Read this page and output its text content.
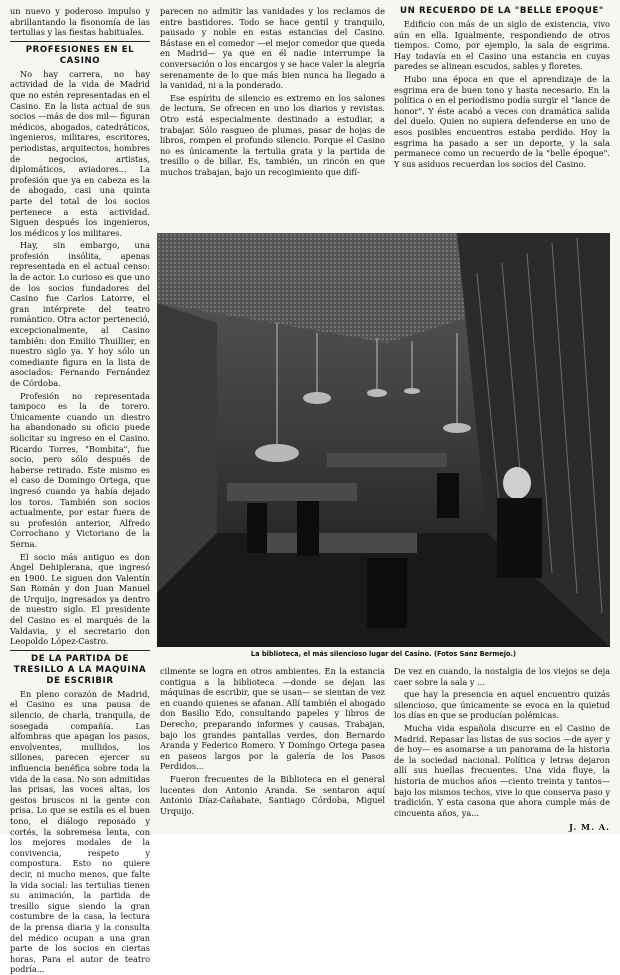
un nuevo y poderoso impulso y abrillantando la fisonomía de las tertulias y las fiestas habituales.

PROFESIONES EN EL CASINO

No hay carrera, no hay actividad de la vida de Madrid que no estén representadas en el Casino. En la lista actual de sus socios —más de dos mil— figuran médicos, abogados, catedráticos, ingenieros, militares, escritores, periodistas, arquitectos, hombres de negocios, artistas, diplomáticos, aviadores... La profesión que ya en cabeza es la de abogado, casi una quinta parte del total de los socios pertenece a esta actividad. Siguen después los ingenieros, los médicos y los militares.

Hay, sin embargo, una profesión insólita, apenas representada en el actual censo: la de actor. Lo curioso es que uno de los socios fundadores del Casino fue Carlos Latorre, el gran intérprete del teatro romántico. Otra actor perteneció, excepcionalmente, al Casino también: don Emilio Thuillier, en nuestro siglo ya. Y hoy sólo un comediante figura en la lista de asociados: Fernando Fernández de Córdoba.

Profesión no representada tampoco es la de torero. Únicamente cuando un diestro ha abandonado su oficio puede solicitar su ingreso en el Casino. Ricardo Torres, "Bombita", fue socio, pero sólo después de haberse retirado. Este mismo es el caso de Domingo Ortega, que ingresó cuando ya había dejado los toros. También son socios actualmente, por estar fuera de su profesión anterior, Alfredo Corrochano y Victoriano de la Serna.

El socio más antiguo es don Ángel Dehiplerana, que ingresó en 1900. Le siguen don Valentín San Román y don Juan Manuel de Urquijo, ingresados ya dentro de nuestro siglo. El presidente del Casino es el marqués de la Valdavia, y el secretario don Leopoldo López-Castro.

DE LA PARTIDA DE TRESILLO A LA MAQUINA DE ESCRIBIR

En pleno corazón de Madrid, el Casino es una pausa de silencio, de charla, tranquila, de sosegada compañía. Las alfombras que apagan los pasos, envolventes, mullidos, los sillones, parecen ejercer su influencia benéfica sobre toda la vida de la casa. No son admitidas las prisas, las voces altas, los gestos bruscos ni la gente con prisa. Lo que se estila es el buen tono, el diálogo reposado y cortés, la sobremesa lenta, con los mejores modales de la convivencia, respeto y compostura. Esto no quiere decir, ni mucho menos, que falte la vida social: las tertulias tienen su animación, la partida de tresillo sigue siendo la gran costumbre de la casa, la lectura de la prensa diaria y la consulta del médico ocupan a una gran parte de los socios en ciertas horas. Para el autor de teatro podría...

parecen no admitir las vanidades y los reclamos de entre bastidores. Todo se hace gentil y tranquilo, pausado y noble en estas estancias del Casino. Bástase en el comedor —el mejor comedor que queda en Madrid— ya que en él nadie interrumpe la conversación o los encargos y se hace valer la alegría serenamente de lo que más bien nunca ha llegado a la vanidad, ni a la ponderado.

Ese espíritu de silencio es extremo en los salones de lectura. Se ofrecen en uno los diarios y revistas. Otro está especialmente destinado a estudiar, a trabajar. Sólo rasgueo de plumas, pasar de hojas de libros, rompen el profundo silencio. Porque el Casino no es únicamente la tertulia grata y la partida de tresillo o de billar. Es, también, un rincón en que muchos trabajan, bajo un recogimiento que difí-

UN RECUERDO DE LA "BELLE EPOQUE"

Edificio con más de un siglo de existencia, vivo aún en ella. Igualmente, respondiendo de otros tiempos. Como, por ejemplo, la sala de esgrima. Hay todavía en el Casino una estancia en cuyas paredes se alinean escudos, sables y floretes.

Hubo una época en que el aprendizaje de la esgrima era de buen tono y hasta necesario. En la política o en el periodismo podía surgir el "lance de honor". Y éste acabó a veces con dramática salida del duelo. Quien no supiera defenderse en uno de esos posibles encuentros estaba perdido. Hoy la esgrima ha pasado a ser un deporte, y la sala permanece como un recuerdo de la "belle époque". Y sus asiduos recuerdan los socios del Casino.

La biblioteca, el más silencioso lugar del Casino. (Fotos Sanz Bermejo.)

cilmente se logra en otros ambientes. En la estancia contigua a la biblioteca —donde se dejan las máquinas de escribir, que se usan— se sientan de vez en cuando quienes se afanan. Allí también el abogado don Basilio Edo, consultando papeles y libros de Derecho, preparando informes y causas. Trabajan, bajo los grandes pantallas verdes, don Bernardo Aranda y Federico Romero. Y Domingo Ortega pasea en paseos largos por la galería de los Pasos Perdidos...

Fueron frecuentes de la Biblioteca en el general lucentes don Antonio Aranda. Se sentaron aquí Antonio Díaz-Cañabate, Santiago Córdoba, Miguel Urquijo.

De vez en cuando, la nostalgia de los viejos se deja caer sobre la sala y ...

que hay la presencia en aquel encuentro quizás silencioso, que únicamente se evoca en la quietud los días en que se producían polémicas.

Mucha vida española discurre en el Casino de Madrid. Repasar las listas de sus socios —de ayer y de hoy— es asomarse a un panorama de la historia de la sociedad nacional. Política y letras dejaron allí sus huellas frecuentes. Una vida fluye, la historia de muchos años —ciento treinta y tantos— bajo los mismos techos, vive lo que conserva paso y tradición. Y esta casona que ahora cumple más de cincuenta años, ya...

J. M. A.
